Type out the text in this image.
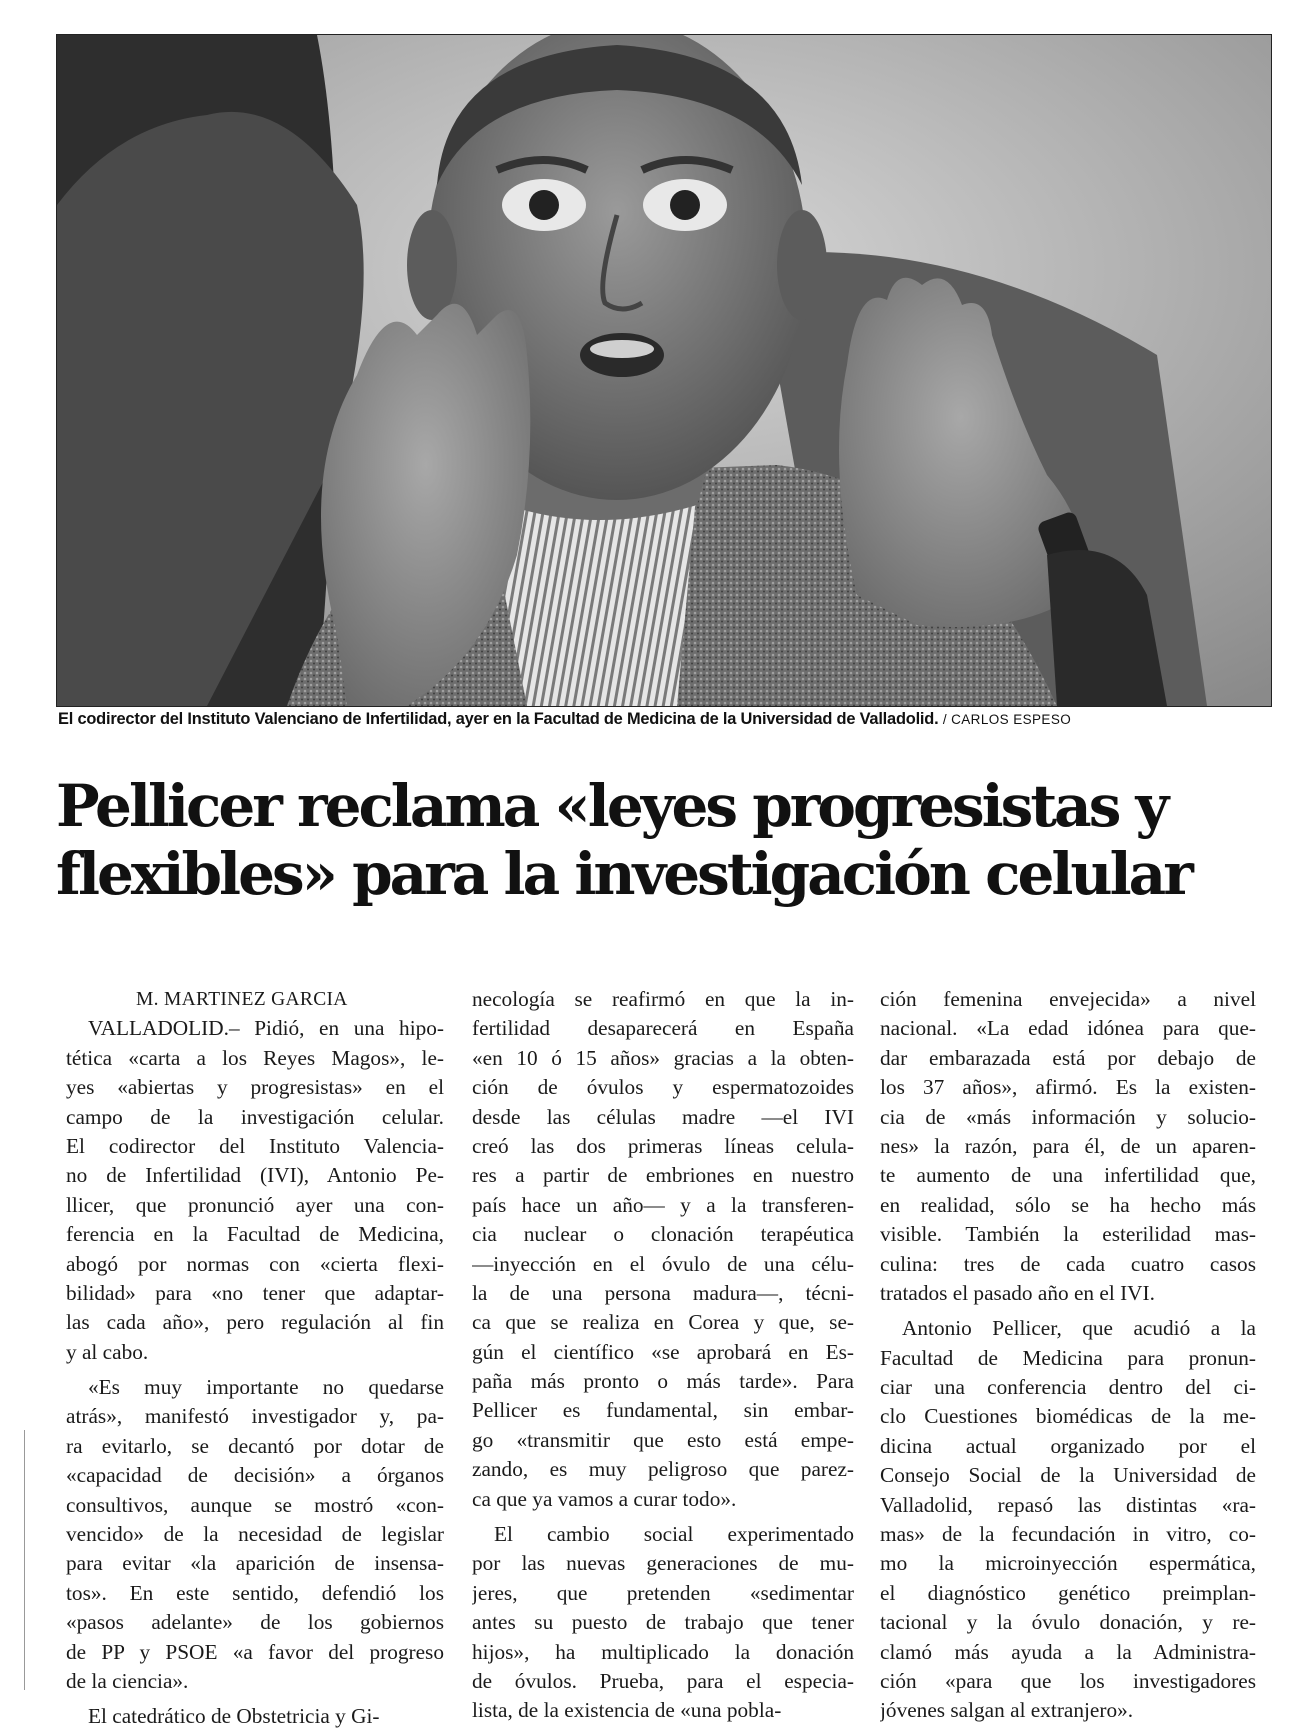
El codirector del Instituto Valenciano de Infertilidad, ayer en la Facultad de Medicina de la Universidad de Valladolid. / CARLOS ESPESO
Pellicer reclama «leyes progresistas y
flexibles» para la investigación celular
M. MARTINEZ GARCIA
VALLADOLID.– Pidió, en una hipo-
tética «carta a los Reyes Magos», le-
yes «abiertas y progresistas» en el
campo de la investigación celular.
El codirector del Instituto Valencia-
no de Infertilidad (IVI), Antonio Pe-
llicer, que pronunció ayer una con-
ferencia en la Facultad de Medicina,
abogó por normas con «cierta flexi-
bilidad» para «no tener que adaptar-
las cada año», pero regulación al fin
y al cabo.
«Es muy importante no quedarse
atrás», manifestó investigador y, pa-
ra evitarlo, se decantó por dotar de
«capacidad de decisión» a órganos
consultivos, aunque se mostró «con-
vencido» de la necesidad de legislar
para evitar «la aparición de insensa-
tos». En este sentido, defendió los
«pasos adelante» de los gobiernos
de PP y PSOE «a favor del progreso
de la ciencia».
El catedrático de Obstetricia y Gi-
necología se reafirmó en que la in-
fertilidad desaparecerá en España
«en 10 ó 15 años» gracias a la obten-
ción de óvulos y espermatozoides
desde las células madre —el IVI
creó las dos primeras líneas celula-
res a partir de embriones en nuestro
país hace un año— y a la transferen-
cia nuclear o clonación terapéutica
—inyección en el óvulo de una célu-
la de una persona madura—, técni-
ca que se realiza en Corea y que, se-
gún el científico «se aprobará en Es-
paña más pronto o más tarde». Para
Pellicer es fundamental, sin embar-
go «transmitir que esto está empe-
zando, es muy peligroso que parez-
ca que ya vamos a curar todo».
El cambio social experimentado
por las nuevas generaciones de mu-
jeres, que pretenden «sedimentar
antes su puesto de trabajo que tener
hijos», ha multiplicado la donación
de óvulos. Prueba, para el especia-
lista, de la existencia de «una pobla-
ción femenina envejecida» a nivel
nacional. «La edad idónea para que-
dar embarazada está por debajo de
los 37 años», afirmó. Es la existen-
cia de «más información y solucio-
nes» la razón, para él, de un aparen-
te aumento de una infertilidad que,
en realidad, sólo se ha hecho más
visible. También la esterilidad mas-
culina: tres de cada cuatro casos
tratados el pasado año en el IVI.
Antonio Pellicer, que acudió a la
Facultad de Medicina para pronun-
ciar una conferencia dentro del ci-
clo Cuestiones biomédicas de la me-
dicina actual organizado por el
Consejo Social de la Universidad de
Valladolid, repasó las distintas «ra-
mas» de la fecundación in vitro, co-
mo la microinyección espermática,
el diagnóstico genético preimplan-
tacional y la óvulo donación, y re-
clamó más ayuda a la Administra-
ción «para que los investigadores
jóvenes salgan al extranjero».
